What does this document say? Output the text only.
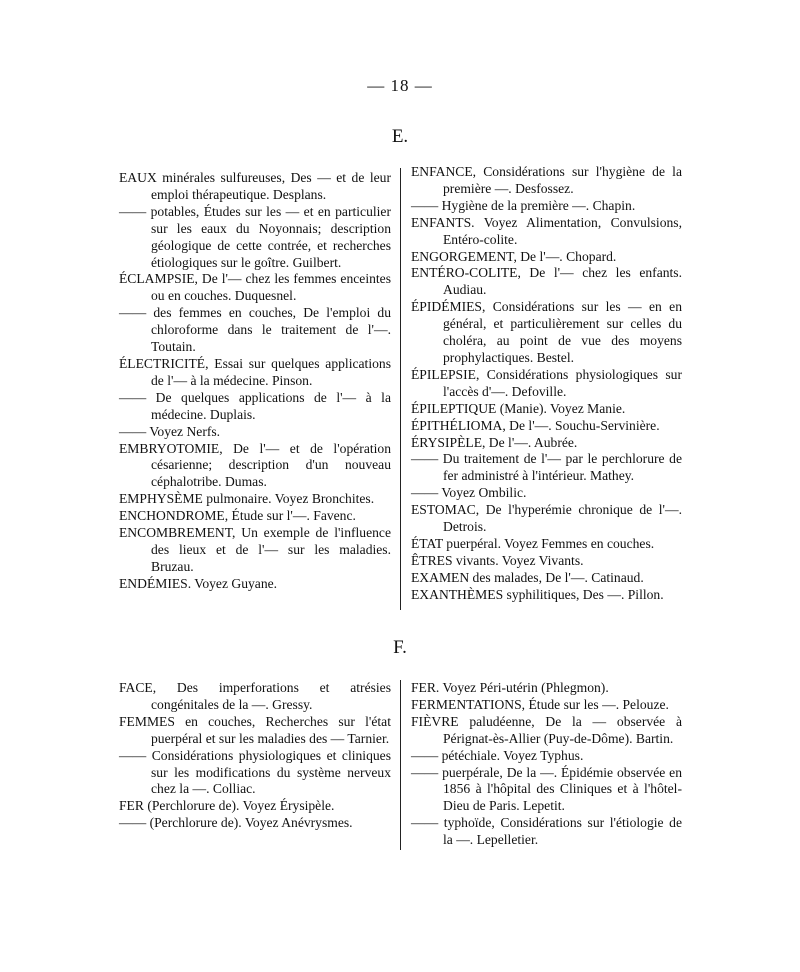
— 18 —
E.
EAUX minérales sulfureuses, Des — et de leur emploi thérapeutique. Desplans.
—— potables, Études sur les — et en particulier sur les eaux du Noyonnais; description géologique de cette contrée, et recherches étiologiques sur le goître. Guilbert.
ÉCLAMPSIE, De l'— chez les femmes enceintes ou en couches. Duquesnel.
—— des femmes en couches, De l'emploi du chloroforme dans le traitement de l'—. Toutain.
ÉLECTRICITÉ, Essai sur quelques applications de l'— à la médecine. Pinson.
—— De quelques applications de l'— à la médecine. Duplais.
—— Voyez Nerfs.
EMBRYOTOMIE, De l'— et de l'opération césarienne; description d'un nouveau céphalotribe. Dumas.
EMPHYSÈME pulmonaire. Voyez Bronchites.
ENCHONDROME, Étude sur l'—. Favenc.
ENCOMBREMENT, Un exemple de l'influence des lieux et de l'— sur les maladies. Bruzau.
ENDÉMIES. Voyez Guyane.
ENFANCE, Considérations sur l'hygiène de la première —. Desfossez.
—— Hygiène de la première —. Chapin.
ENFANTS. Voyez Alimentation, Convulsions, Entéro-colite.
ENGORGEMENT, De l'—. Chopard.
ENTÉRO-COLITE, De l'— chez les enfants. Audiau.
ÉPIDÉMIES, Considérations sur les — en en général, et particulièrement sur celles du choléra, au point de vue des moyens prophylactiques. Bestel.
ÉPILEPSIE, Considérations physiologiques sur l'accès d'—. Defoville.
ÉPILEPTIQUE (Manie). Voyez Manie.
ÉPITHÉLIOMA, De l'—. Souchu-Servinière.
ÉRYSIPÈLE, De l'—. Aubrée.
—— Du traitement de l'— par le perchlorure de fer administré à l'intérieur. Mathey.
—— Voyez Ombilic.
ESTOMAC, De l'hyperémie chronique de l'—. Detrois.
ÉTAT puerpéral. Voyez Femmes en couches.
ÊTRES vivants. Voyez Vivants.
EXAMEN des malades, De l'—. Catinaud.
EXANTHÈMES syphilitiques, Des —. Pillon.
F.
FACE, Des imperforations et atrésies congénitales de la —. Gressy.
FEMMES en couches, Recherches sur l'état puerpéral et sur les maladies des — Tarnier.
—— Considérations physiologiques et cliniques sur les modifications du système nerveux chez la —. Colliac.
FER (Perchlorure de). Voyez Érysipèle.
—— (Perchlorure de). Voyez Anévrysmes.
FER. Voyez Péri-utérin (Phlegmon).
FERMENTATIONS, Étude sur les —. Pelouze.
FIÈVRE paludéenne, De la — observée à Pérignat-ès-Allier (Puy-de-Dôme). Bartin.
—— pétéchiale. Voyez Typhus.
—— puerpérale, De la —. Épidémie observée en 1856 à l'hôpital des Cliniques et à l'hôtel-Dieu de Paris. Lepetit.
—— typhoïde, Considérations sur l'étiologie de la —. Lepelletier.
